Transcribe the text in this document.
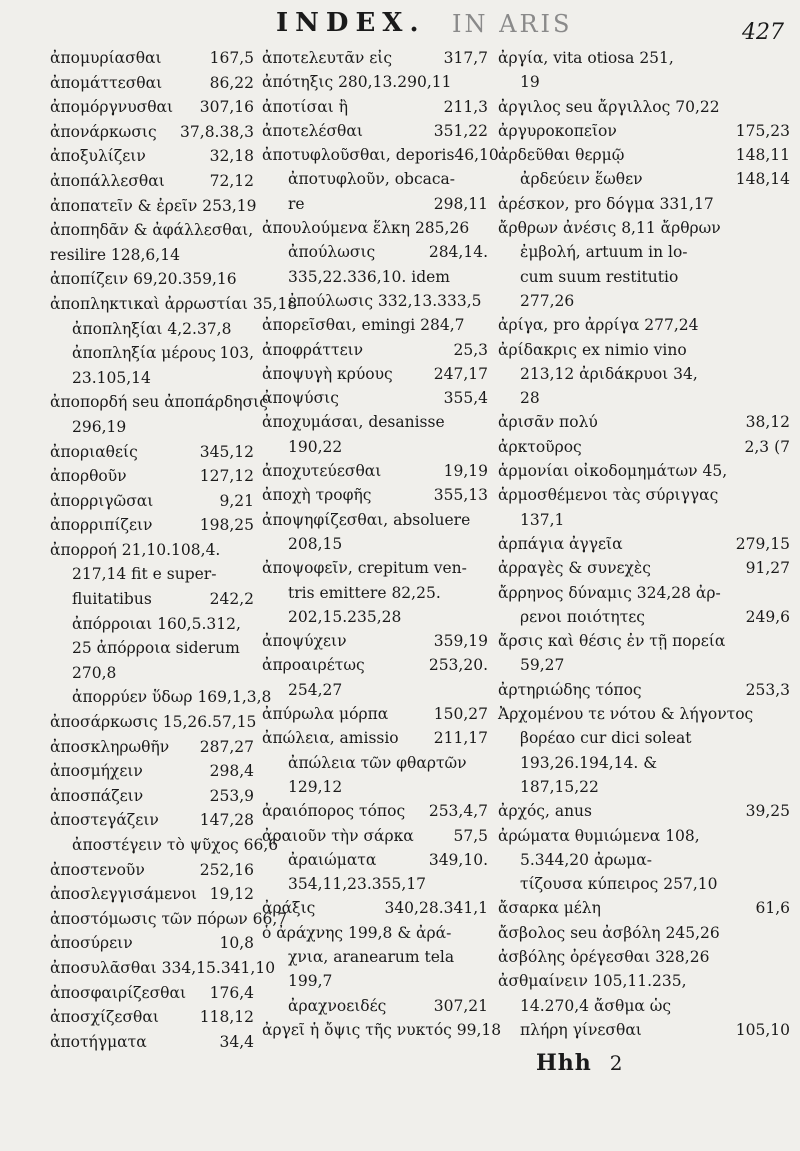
IN ARIS
INDEX.	427
ἀπομυρίασθαι	167,5
ἀπομάττεσθαι	86,22
ἀπομόργνυσθαι 307,16
ἀπονάρκωσις 37,8.38,3
ἀποξυλίζειν	32,18
ἀποπάλλεσθαι	72,12
ἀποπατεῖν & ἐρεῖν 253,19
ἀποπηδᾶν & ἀφάλλεσθαι,
resilire 128,6,14
ἀποπίζειν 69,20.359,16
ἀποπληκτικαὶ ἀρρωστίαι 35,18
ἀποπληξίαι 4,2.37,8
ἀποπληξία μέρους 103,
23.105,14
ἀποπορδή seu ἀποπάρδησις
296,19
ἀποριαθείς	345,12
ἀπορθοῦν	127,12
ἀπορριγῶσαι	9,21
ἀπορριπίζειν	198,25
ἀπορροή 21,10.108,4.
217,14 fit e super-
fluitatibus	242,2
ἀπόρροιαι 160,5.312,
25 ἀπόρροια siderum
270,8
ἀπορρύεν ὕδωρ 169,1,3,8
ἀποσάρκωσις 15,26.57,15
ἀποσκληρωθῆν 287,27
ἀποσμήχειν	298,4
ἀποσπάζειν	253,9
ἀποστεγάζειν	147,28
ἀποστέγειν τὸ ψῦχος 66,6
ἀποστενοῦν	252,16
ἀποσλεγγισάμενοι 19,12
ἀποστόμωσις τῶν πόρων 66,7
ἀποσύρειν	10,8
ἀποσυλᾶσθαι 334,15.341,10
ἀποσφαιρίζεσθαι 176,4
ἀποσχίζεσθαι	118,12
ἀποτήγματα	34,4
ἀποτελευτᾶν εἰς	317,7
ἀπότηξις 280,13.290,11
ἀποτίσαι ἢ	211,3
ἀποτελέσθαι	351,22
ἀποτυφλοῦσθαι, deporis46,10
ἀποτυφλοῦν, obcaca-
re	298,11
ἀπουλούμενα ἕλκη 285,26
ἀπούλωσις	284,14.
335,22.336,10. idem
ἐπούλωσις 332,13.333,5
ἀπορεῖσθαι, emingi 284,7
ἀποφράττειν	25,3
ἀποψυγὴ κρύους	247,17
ἀποψύσις	355,4
ἀποχυμάσαι, desanisse
190,22
ἀποχυτεύεσθαι	19,19
ἀποχὴ τροφῆς	355,13
ἀποψηφίζεσθαι, absoluere
208,15
ἀποψοφεῖν, crepitum ven-
tris emittere 82,25.
202,15.235,28
ἀποψύχειν	359,19
ἀπροαιρέτως	253,20.
254,27
ἀπύρωλα μόρπα	150,27
ἀπώλεια, amissio 211,17
ἀπώλεια τῶν φθαρτῶν
129,12
ἀραιόπορος τόπος 253,4,7
ἀραιοῦν τὴν σάρκα	57,5
ἀραιώματα	349,10.
354,11,23.355,17
ἀράξις	340,28.341,1
ὁ ἀράχνης 199,8 & ἀρά-
χνια, aranearum tela
199,7
ἀραχνοειδές	307,21
ἀργεῖ ἡ ὄψις τῆς νυκτός 99,18
ἀργία, vita otiosa 251,
19
ἀργιλος seu ἄργιλλος 70,22
ἀργυροκοπεῖον	175,23
ἀρδεῦθαι θερμῷ	148,11
ἀρδεύειν ἕωθεν	148,14
ἀρέσκον, pro δόγμα 331,17
ἄρθρων ἀνέσις 8,11 ἄρθρων
ἐμβολή, artuum in lo-
cum suum restitutio
277,26
ἀρίγα, pro ἀρρίγα 277,24
ἀρίδακρις ex nimio vino
213,12 ἀριδάκρυοι 34,
28
ἀρισᾶν πολύ	38,12
ἀρκτοῦρος	2,3 (7
ἁρμονίαι οἰκοδομημάτων 45,
ἁρμοσθέμενοι τὰς σύριγγας
137,1
ἀρπάγια ἀγγεῖα	279,15
ἀρραγὲς & συνεχὲς	91,27
ἄρρηνος δύναμις 324,28 ἀρ-
ρενοι ποιότητες	249,6
ἄρσις καὶ θέσις ἐν τῇ πορεία
59,27
ἀρτηριώδης τόπος	253,3
Ἀρχομένου τε νότου & λήγοντος
βορέαο cur dici soleat
193,26.194,14. &
187,15,22
ἀρχός, anus	39,25
ἀρώματα θυμιώμενα 108,
5.344,20 ἀρωμα-
τίζουσα κύπειρος 257,10
ἄσαρκα μέλη	61,6
ἄσβολος seu ἀσβόλη 245,26
ἀσβόλης ὀρέγεσθαι 328,26
ἀσθμαίνειν 105,11.235,
14.270,4 ἄσθμα ὡς
πλήρη γίνεσθαι	105,10
Hhh 2
